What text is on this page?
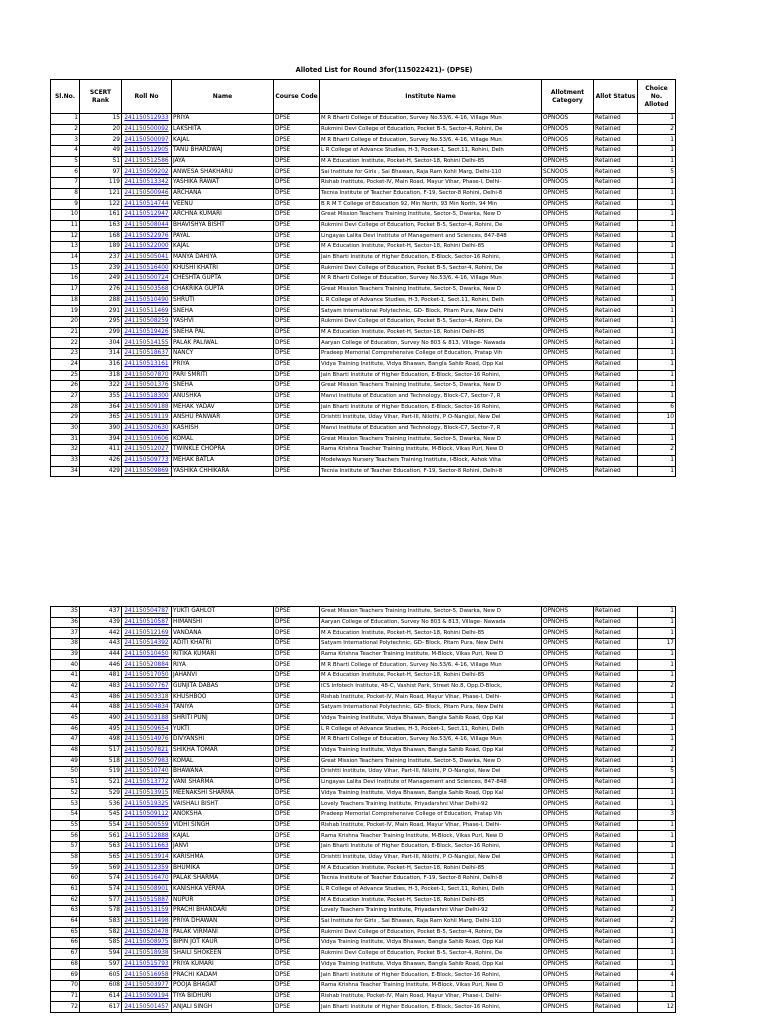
Alloted List for Round 3for(115022421)- (DPSE)
Sl.No.	SCERT Rank	Roll No	Name	Course Code	Institute Name	Allotment Category	Allot Status	Choice No. Alloted
1	15	241150512933	PRIYA	DPSE	M R Bharti College of Education, Survey No.53/6, 4-16, Village Mun	OPNOOS	Retained	1
2	20	241150500092	LAKSHITA	DPSE	Rukmini Devi College of Education, Pocket B-5, Sector-4, Rohini, De	OPNOOS	Retained	2
3	29	241150500097	KAJAL	DPSE	M R Bharti College of Education, Survey No.53/6, 4-16, Village Mun	OPNOOS	Retained	1
4	49	241150512905	TANU BHARDWAJ	DPSE	L R College of Advance Studies, H-3, Pocket-1, Sect.11, Rohini, Delh	OPNOHS	Retained	1
5	51	241150512586	JAYA	DPSE	M A Education Institute, Pocket-H, Sector-18, Rohini Delhi-85	OPNOHS	Retained	1
6	97	241150509202	ANWESA SHAKHARU	DPSE	Sai Institute for Girls , Sai Bhawan, Raja Ram Kohli Marg, Delhi-110	SCNOOS	Retained	5
7	119	241150513342	YASHIKA RAWAT	DPSE	Rishab Institute, Pocket-IV, Main Road, Mayur Vihar, Phase-I, Delhi-	OPNOOS	Retained	1
8	121	241150500946	ARCHANA	DPSE	Tecnia Institute of Teacher Education, F-19, Sector-8 Rohini, Delhi-8	OPNOHS	Retained	1
9	122	241150514744	VEENU	DPSE	B R M T College of Education 92, Min North, 93 Min North, 94 Min	OPNOHS	Retained	1
10	161	241150512947	ARCHNA KUMARI	DPSE	Great Mission Teachers Training Institute, Sector-5, Dwarka, New D	OPNOHS	Retained	1
11	163	241150508044	BHAVISHYA BISHT	DPSE	Rukmini Devi College of Education, Pocket B-5, Sector-4, Rohini, De	OPNOHS	Retained	1
12	168	241150522976	PAYAL	DPSE	Lingayas Lalita Devi Institute of Management and Sciences, 847-848	OPNOHS	Retained	1
13	189	241150522000	KAJAL	DPSE	M A Education Institute, Pocket-H, Sector-18, Rohini Delhi-85	OPNOHS	Retained	1
14	237	241150505041	MANYA DAHIYA	DPSE	Jain Bharti Institute of Higher Education, E-Block, Sector-16 Rohini,	OPNOHS	Retained	1
15	239	241150516400	KHUSHI KHATRI	DPSE	Rukmini Devi College of Education, Pocket B-5, Sector-4, Rohini, De	OPNOHS	Retained	1
16	249	241150500724	CHESHTA GUPTA	DPSE	M R Bharti College of Education, Survey No.53/6, 4-16, Village Mun	OPNOHS	Retained	1
17	276	241150503568	CHAKRIKA GUPTA	DPSE	Great Mission Teachers Training Institute, Sector-5, Dwarka, New D	OPNOHS	Retained	1
18	288	241150510490	SHRUTI	DPSE	L R College of Advance Studies, H-3, Pocket-1, Sect.11, Rohini, Delh	OPNOHS	Retained	1
19	291	241150511469	SNEHA	DPSE	Satyam International Polytechnic, GD- Block, Pitam Pura, New Delhi	OPNOHS	Retained	1
20	295	241150508259	YASHVI	DPSE	Rukmini Devi College of Education, Pocket B-5, Sector-4, Rohini, De	OPNOHS	Retained	1
21	299	241150519426	SNEHA PAL	DPSE	M A Education Institute, Pocket-H, Sector-18, Rohini Delhi-85	OPNOHS	Retained	1
22	304	241150514155	PALAK PALIWAL	DPSE	Aaryan College of Education, Survey No 803 & 813, Village- Nawada	OPNOHS	Retained	1
23	314	241150518637	NANCY	DPSE	Pradeep Memorial Comprehensive College of Education, Pratap Vih	OPNOHS	Retained	1
24	316	241150513161	PRIYA	DPSE	Vidya Training Institute, Vidya Bhawan, Bangla Sahib Road, Opp Kal	OPNOHS	Retained	1
25	318	241150507870	PARI SMRITI	DPSE	Jain Bharti Institute of Higher Education, E-Block, Sector-16 Rohini,	OPNOHS	Retained	1
26	322	241150501376	SNEHA	DPSE	Great Mission Teachers Training Institute, Sector-5, Dwarka, New D	OPNOHS	Retained	1
27	355	241150518300	ANUSHKA	DPSE	Manvi Institute of Education and Technology, Block-C7, Sector-7, R	OPNOHS	Retained	1
28	364	241150509188	MEHAK YADAV	DPSE	Jain Bharti Institute of Higher Education, E-Block, Sector-16 Rohini,	OPNOHS	Retained	6
29	365	241150519119	ANSHU PANWAR	DPSE	Drishtti Institute, Uday Vihar, Part-III, Nilothi, P O-Nangloi, New Del	OPNOHS	Retained	10
30	390	241150520630	KASHISH	DPSE	Manvi Institute of Education and Technology, Block-C7, Sector-7, R	OPNOHS	Retained	1
31	394	241150510606	KOMAL	DPSE	Great Mission Teachers Training Institute, Sector-5, Dwarka, New D	OPNOHS	Retained	1
32	411	241150512027	TWINKLE CHOPRA	DPSE	Rama Krishna Teacher Training Institute, M-Block, Vikas Puri, New D	OPNOHS	Retained	2
33	426	241150509773	MEHAK BATLA	DPSE	Modelways Nursery Teachers Training Institute, I-Block, Ashok Viha	OPNOHS	Retained	1
34	429	241150509869	YASHIKA CHHIKARA	DPSE	Tecnia Institute of Teacher Education, F-19, Sector-8 Rohini, Delhi-8	OPNOHS	Retained	1
35	437	241150504787	YUKTI GAHLOT	DPSE	Great Mission Teachers Training Institute, Sector-5, Dwarka, New D	OPNOHS	Retained	1
36	439	241150510587	HIMANSHI	DPSE	Aaryan College of Education, Survey No 803 & 813, Village- Nawada	OPNOHS	Retained	1
37	442	241150512169	VANDANA	DPSE	M A Education Institute, Pocket-H, Sector-18, Rohini Delhi-85	OPNOHS	Retained	1
38	443	241150514392	ADITI KHATRI	DPSE	Satyam International Polytechnic, GD- Block, Pitam Pura, New Delhi	OPNOHS	Retained	17
39	444	241150510450	RITIKA KUMARI	DPSE	Rama Krishna Teacher Training Institute, M-Block, Vikas Puri, New D	OPNOHS	Retained	1
40	446	241150520884	RIYA	DPSE	M R Bharti College of Education, Survey No.53/6, 4-16, Village Mun	OPNOHS	Retained	1
41	481	241150517050	JAHANVI	DPSE	M A Education Institute, Pocket-H, Sector-18, Rohini Delhi-85	OPNOHS	Retained	1
42	483	241150507767	GUNJITA DABAS	DPSE	ICS Infotech Institute, 48-C, Vashist Park, Street No.8, Opp.D-Block,	OPNOHS	Retained	2
43	486	241150503318	KHUSHBOO	DPSE	Rishab Institute, Pocket-IV, Main Road, Mayur Vihar, Phase-I, Delhi-	OPNOHS	Retained	1
44	488	241150504834	TANIYA	DPSE	Satyam International Polytechnic, GD- Block, Pitam Pura, New Delhi	OPNOHS	Retained	1
45	490	241150503188	SHRITI PUNJ	DPSE	Vidya Training Institute, Vidya Bhawan, Bangla Sahib Road, Opp Kal	OPNOHS	Retained	1
46	495	241150509654	YUKTI	DPSE	L R College of Advance Studies, H-3, Pocket-1, Sect.11, Rohini, Delh	OPNOHS	Retained	1
47	498	241150514976	DIVYANSHI	DPSE	M R Bharti College of Education, Survey No.53/6, 4-16, Village Mun	OPNOHS	Retained	1
48	517	241150507821	SHIKHA TOMAR	DPSE	Vidya Training Institute, Vidya Bhawan, Bangla Sahib Road, Opp Kal	OPNOHS	Retained	2
49	518	241150507983	KOMAL	DPSE	Great Mission Teachers Training Institute, Sector-5, Dwarka, New D	OPNOHS	Retained	1
50	519	241150510740	BHAWANA	DPSE	Drishtti Institute, Uday Vihar, Part-III, Nilothi, P O-Nangloi, New Del	OPNOHS	Retained	5
51	521	241150513772	VANI SHARMA	DPSE	Lingayas Lalita Devi Institute of Management and Sciences, 847-848	OPNOHS	Retained	1
52	529	241150513915	MEENAKSHI SHARMA	DPSE	Vidya Training Institute, Vidya Bhawan, Bangla Sahib Road, Opp Kal	OPNOHS	Retained	1
53	536	241150519325	VAISHALI BISHT	DPSE	Lovely Teachers Training Institute, Priyadarshni Vihar Delhi-92	OPNOHS	Retained	1
54	545	241150509112	ANOKSHA	DPSE	Pradeep Memorial Comprehensive College of Education, Pratap Vih	OPNOHS	Retained	3
55	554	241150500559	VIDHI SINGH	DPSE	Rishab Institute, Pocket-IV, Main Road, Mayur Vihar, Phase-I, Delhi-	OPNOHS	Retained	1
56	561	241150512888	KAJAL	DPSE	Rama Krishna Teacher Training Institute, M-Block, Vikas Puri, New D	OPNOHS	Retained	1
57	563	241150511663	JANVI	DPSE	Jain Bharti Institute of Higher Education, E-Block, Sector-16 Rohini,	OPNOHS	Retained	1
58	565	241150513914	KARISHMA	DPSE	Drishtti Institute, Uday Vihar, Part-III, Nilothi, P O-Nangloi, New Del	OPNOHS	Retained	1
59	569	241150512359	BHUMIKA	DPSE	M A Education Institute, Pocket-H, Sector-18, Rohini Delhi-85	OPNOHS	Retained	1
60	574	241150516470	PALAK SHARMA	DPSE	Tecnia Institute of Teacher Education, F-19, Sector-8 Rohini, Delhi-8	OPNOHS	Retained	2
61	574	241150508901	KANISHKA VERMA	DPSE	L R College of Advance Studies, H-3, Pocket-1, Sect.11, Rohini, Delh	OPNOHS	Retained	1
62	577	241150515887	NUPUR	DPSE	M A Education Institute, Pocket-H, Sector-18, Rohini Delhi-85	OPNOHS	Retained	1
63	578	241150513159	PRACHI BHANDARI	DPSE	Lovely Teachers Training Institute, Priyadarshni Vihar Delhi-92	OPNOHS	Retained	2
64	583	241150511498	PRIYA DHAWAN	DPSE	Sai Institute for Girls , Sai Bhawan, Raja Ram Kohli Marg, Delhi-110	OPNOHS	Retained	2
65	582	241150520478	PALAK VIRMANI	DPSE	Rukmini Devi College of Education, Pocket B-5, Sector-4, Rohini, De	OPNOHS	Retained	1
66	585	241150508975	BIPIN JOT KAUR	DPSE	Vidya Training Institute, Vidya Bhawan, Bangla Sahib Road, Opp Kal	OPNOHS	Retained	1
67	594	241150518938	SHAILI SHOKEEN	DPSE	Rukmini Devi College of Education, Pocket B-5, Sector-4, Rohini, De	OPNOHS	Retained	1
68	597	241150515793	PRIYA KUMARI	DPSE	Vidya Training Institute, Vidya Bhawan, Bangla Sahib Road, Opp Kal	OPNOHS	Retained	1
69	605	241150516958	PRACHI KADAM	DPSE	Jain Bharti Institute of Higher Education, E-Block, Sector-16 Rohini,	OPNOHS	Retained	4
70	608	241150503977	POOJA BHAGAT	DPSE	Rama Krishna Teacher Training Institute, M-Block, Vikas Puri, New D	OPNOHS	Retained	1
71	614	241150509194	TIYA BIDHURI	DPSE	Rishab Institute, Pocket-IV, Main Road, Mayur Vihar, Phase-I, Delhi-	OPNOHS	Retained	1
72	617	241150501457	ANJALI SINGH	DPSE	Jain Bharti Institute of Higher Education, E-Block, Sector-16 Rohini,	OPNOHS	Retained	12
